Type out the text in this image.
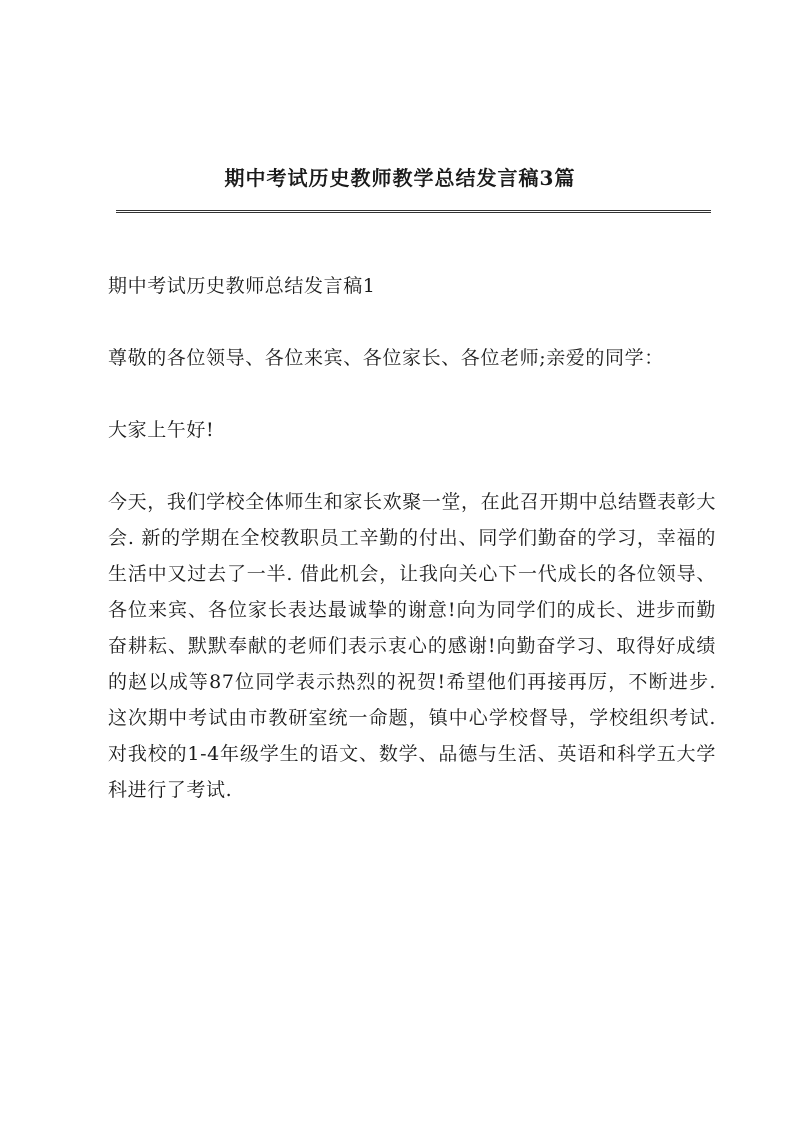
期中考试历史教师教学总结发言稿3篇

期中考试历史教师总结发言稿1

尊敬的各位领导、各位来宾、各位家长、各位老师;亲爱的同学：

大家上午好!

今天，我们学校全体师生和家长欢聚一堂，在此召开期中总结暨表彰大会. 新的学期在全校教职员工辛勤的付出、同学们勤奋的学习，幸福的生活中又过去了一半. 借此机会，让我向关心下一代成长的各位领导、各位来宾、各位家长表达最诚挚的谢意!向为同学们的成长、进步而勤奋耕耘、默默奉献的老师们表示衷心的感谢!向勤奋学习、取得好成绩的赵以成等87位同学表示热烈的祝贺!希望他们再接再厉，不断进步. 这次期中考试由市教研室统一命题，镇中心学校督导，学校组织考试. 对我校的1-4年级学生的语文、数学、品德与生活、英语和科学五大学科进行了考试.
